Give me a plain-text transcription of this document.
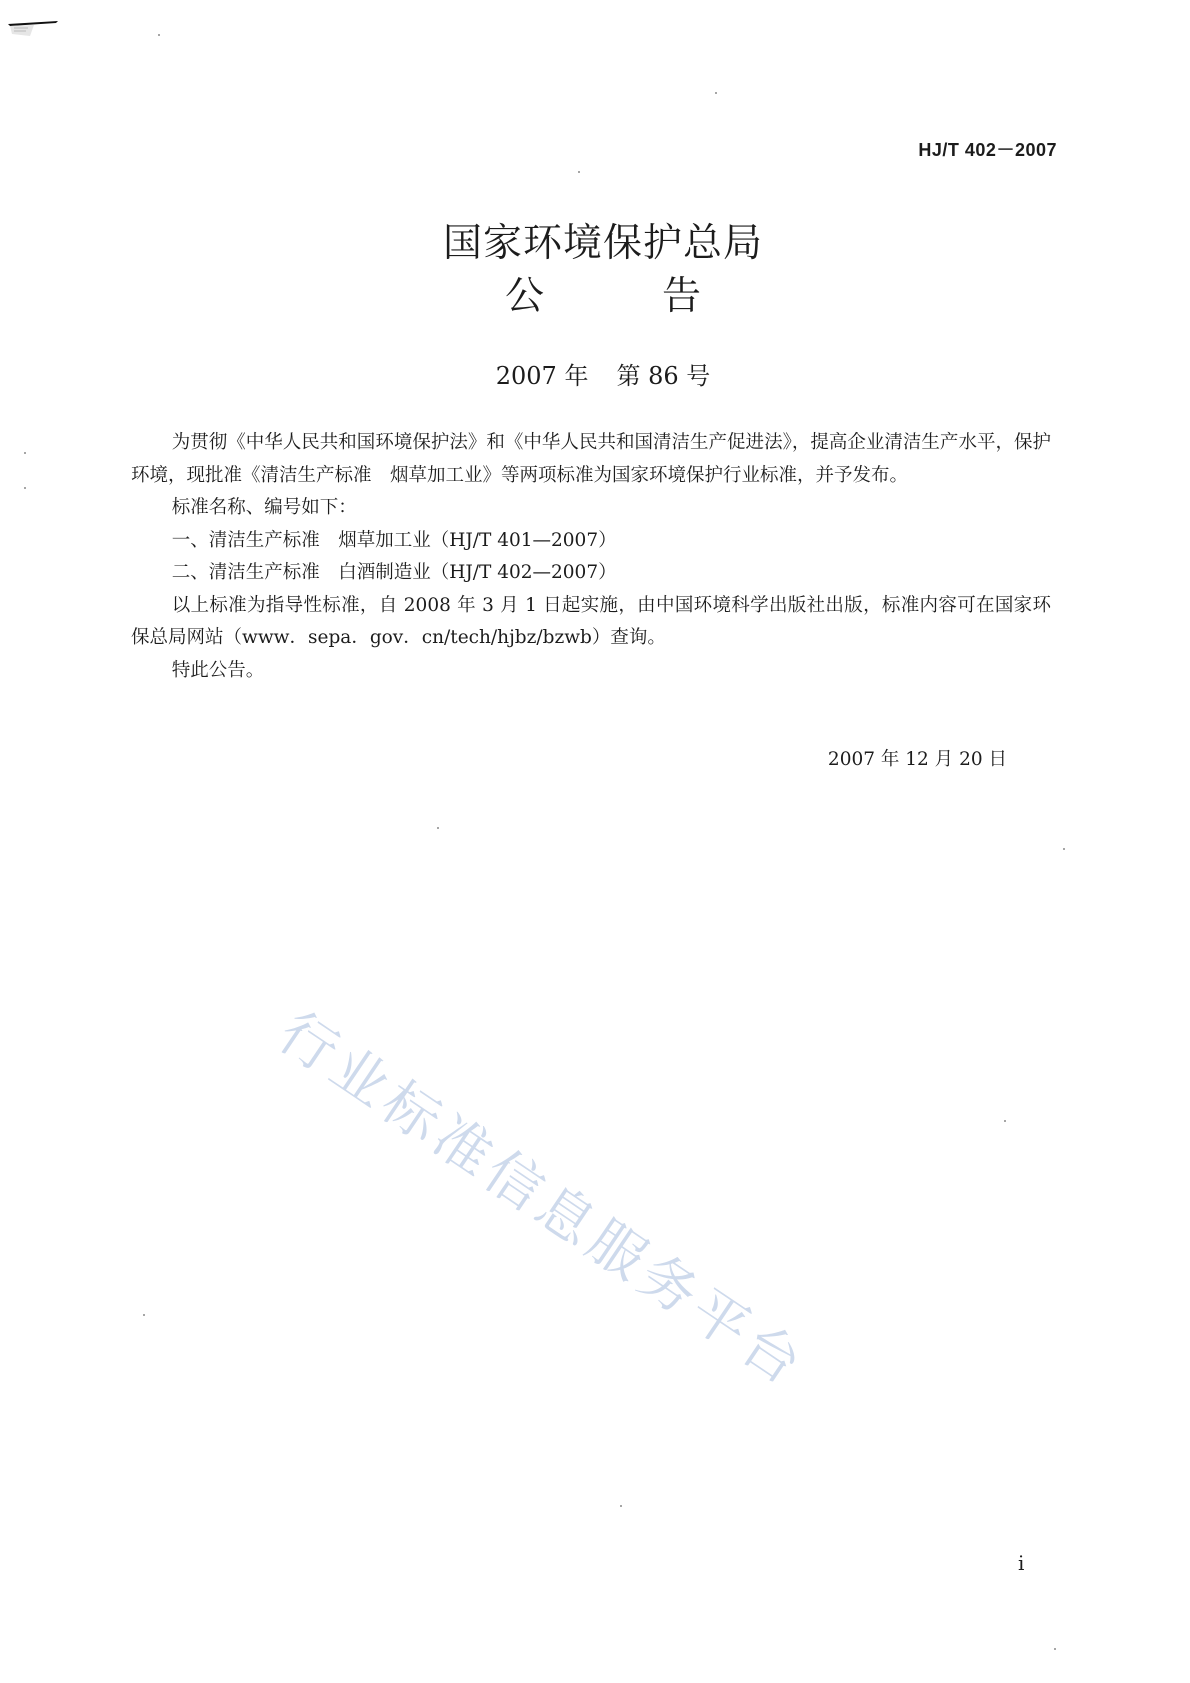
HJ/T 402－2007
国家环境保护总局
公	告
2007 年 第 86 号

为贯彻《中华人民共和国环境保护法》和《中华人民共和国清洁生产促进法》，提高企业清洁生产水平，保护环境，现批准《清洁生产标准　烟草加工业》等两项标准为国家环境保护行业标准，并予发布。

标准名称、编号如下：

一、清洁生产标准　烟草加工业（HJ/T 401—2007）

二、清洁生产标准　白酒制造业（HJ/T 402—2007）

以上标准为指导性标准，自 2008 年 3 月 1 日起实施，由中国环境科学出版社出版，标准内容可在国家环保总局网站（www．sepa．gov．cn/tech/hjbz/bzwb）查询。

特此公告。

2007 年 12 月 20 日
行业标准信息服务平台
i
